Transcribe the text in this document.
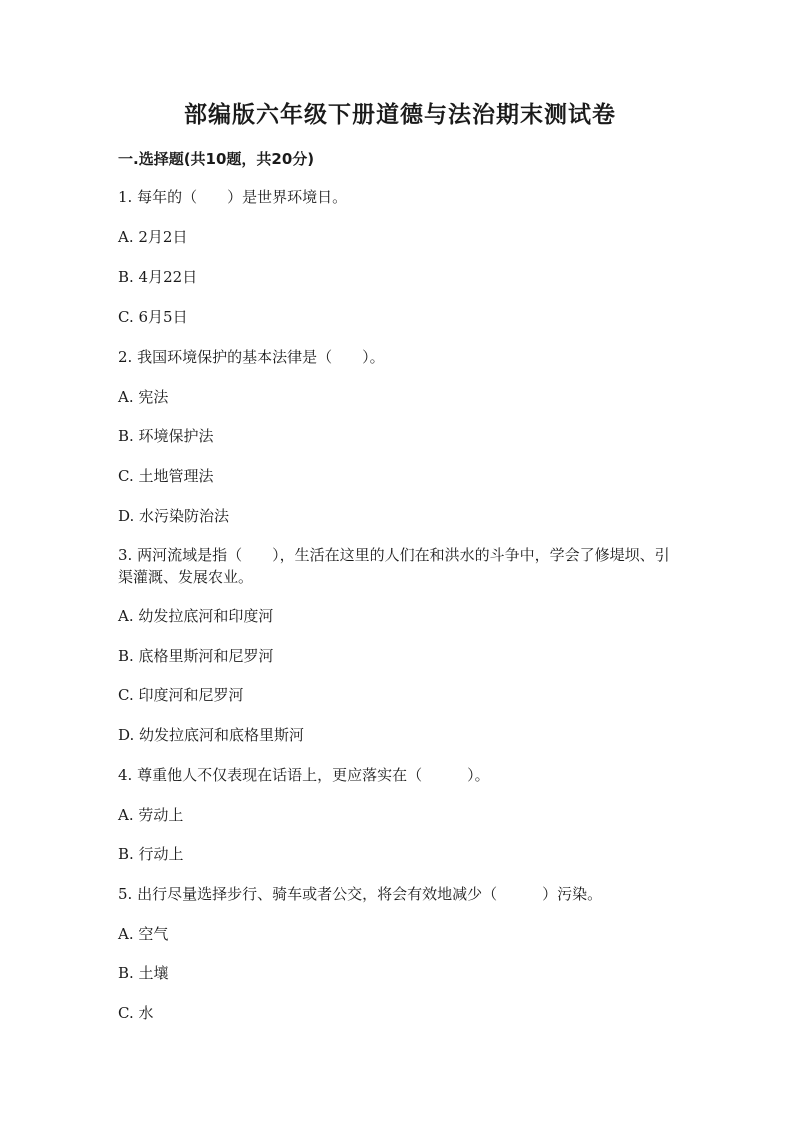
部编版六年级下册道德与法治期末测试卷
一.选择题(共10题，共20分)
1. 每年的（　　）是世界环境日。
A. 2月2日
B. 4月22日
C. 6月5日
2. 我国环境保护的基本法律是（　　）。
A. 宪法
B. 环境保护法
C. 土地管理法
D. 水污染防治法
3. 两河流域是指（　　），生活在这里的人们在和洪水的斗争中，学会了修堤坝、引渠灌溉、发展农业。
A. 幼发拉底河和印度河
B. 底格里斯河和尼罗河
C. 印度河和尼罗河
D. 幼发拉底河和底格里斯河
4. 尊重他人不仅表现在话语上，更应落实在（　　　）。
A. 劳动上
B. 行动上
5. 出行尽量选择步行、骑车或者公交，将会有效地减少（　　　）污染。
A. 空气
B. 土壤
C. 水
